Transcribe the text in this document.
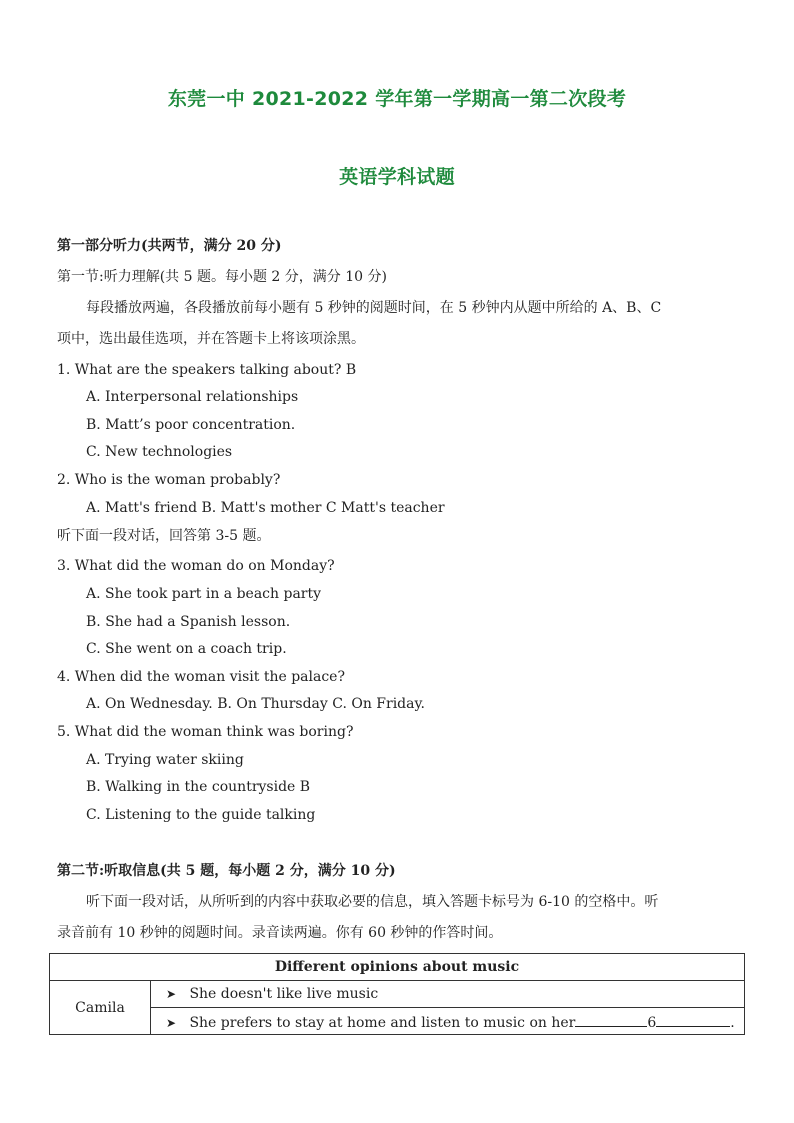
东莞一中 2021-2022 学年第一学期高一第二次段考
英语学科试题
第一部分听力(共两节，满分 20 分)
第一节:听力理解(共 5 题。每小题 2 分，满分 10 分)
每段播放两遍，各段播放前每小题有 5 秒钟的阅题时间，在 5 秒钟内从题中所给的 A、B、C
项中，选出最佳选项，并在答题卡上将该项涂黑。
1. What are the speakers talking about? B
A. Interpersonal relationships
B. Matt’s poor concentration.
C. New technologies
2. Who is the woman probably?
A. Matt's friend B. Matt's mother C Matt's teacher
听下面一段对话，回答第 3-5 题。
3. What did the woman do on Monday?
A. She took part in a beach party
B. She had a Spanish lesson.
C. She went on a coach trip.
4. When did the woman visit the palace?
A. On Wednesday. B. On Thursday C. On Friday.
5. What did the woman think was boring?
A. Trying water skiing
B. Walking in the countryside B
C. Listening to the guide talking
第二节:听取信息(共 5 题，每小题 2 分，满分 10 分)
听下面一段对话，从所听到的内容中获取必要的信息，填入答题卡标号为 6-10 的空格中。听
录音前有 10 秒钟的阅题时间。录音读两遍。你有 60 秒钟的作答时间。
Different opinions about music
Camila	➤ She doesn't like live music
➤ She prefers to stay at home and listen to music on her	6	.
